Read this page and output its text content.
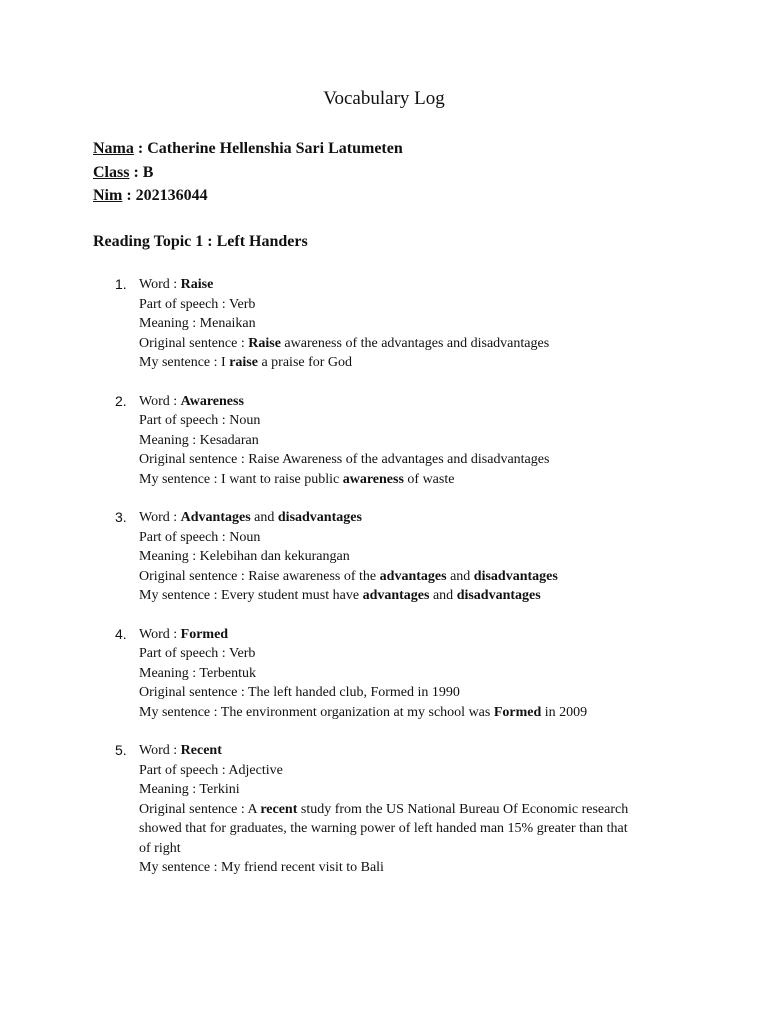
Vocabulary Log
Nama : Catherine Hellenshia Sari Latumeten
Class : B
Nim : 202136044
Reading Topic 1 : Left Handers
1. Word : Raise
Part of speech : Verb
Meaning : Menaikan
Original sentence : Raise awareness of the advantages and disadvantages
My sentence : I raise a praise for God
2. Word : Awareness
Part of speech : Noun
Meaning : Kesadaran
Original sentence : Raise Awareness of the advantages and disadvantages
My sentence : I want to raise public awareness of waste
3. Word : Advantages and disadvantages
Part of speech : Noun
Meaning : Kelebihan dan kekurangan
Original sentence : Raise awareness of the advantages and disadvantages
My sentence : Every student must have advantages and disadvantages
4. Word : Formed
Part of speech : Verb
Meaning : Terbentuk
Original sentence : The left handed club, Formed in 1990
My sentence : The environment organization at my school was Formed in 2009
5. Word : Recent
Part of speech : Adjective
Meaning : Terkini
Original sentence : A recent study from the US National Bureau Of Economic research showed that for graduates, the warning power of left handed man 15% greater than that of right
My sentence : My friend recent visit to Bali
